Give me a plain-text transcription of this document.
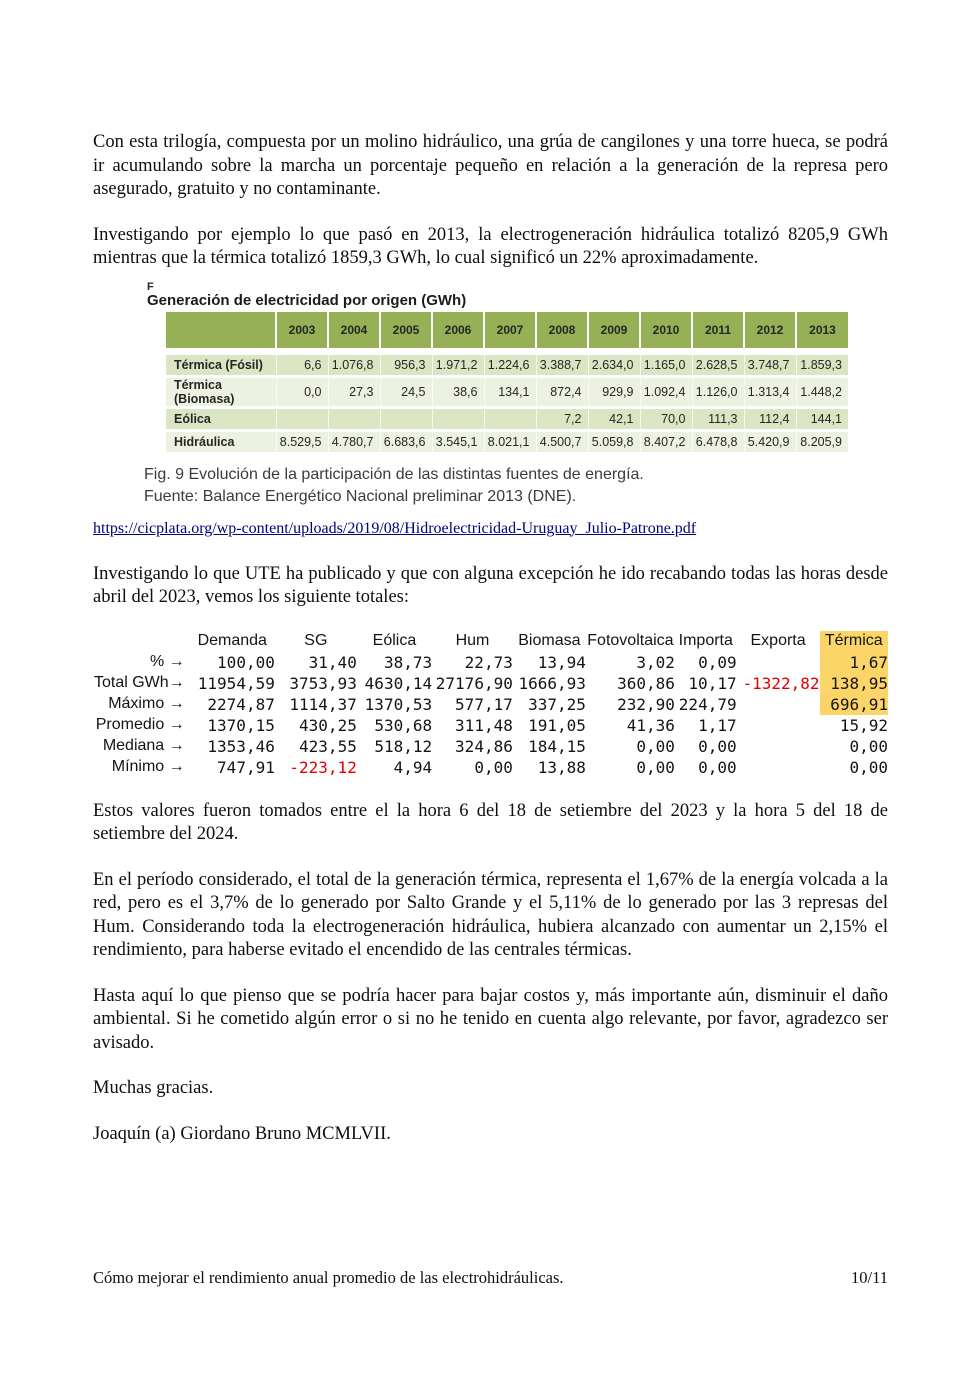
Con esta trilogía, compuesta por un molino hidráulico, una grúa de cangilones y una torre hueca, se podrá ir acumulando sobre la marcha un porcentaje pequeño en relación a la generación de la represa pero asegurado, gratuito y no contaminante.

Investigando por ejemplo lo que pasó en 2013, la electrogeneración hidráulica totalizó 8205,9 GWh mientras que la térmica totalizó 1859,3 GWh, lo cual significó un 22% aproximadamente.

F
Generación de electricidad por origen (GWh)
	2003	2004	2005	2006	2007	2008	2009	2010	2011	2012	2013
Térmica (Fósil)	6,6	1.076,8	956,3	1.971,2	1.224,6	3.388,7	2.634,0	1.165,0	2.628,5	3.748,7	1.859,3
Térmica (Biomasa)	0,0	27,3	24,5	38,6	134,1	872,4	929,9	1.092,4	1.126,0	1.313,4	1.448,2
Eólica						7,2	42,1	70,0	111,3	112,4	144,1
Hidráulica	8.529,5	4.780,7	6.683,6	3.545,1	8.021,1	4.500,7	5.059,8	8.407,2	6.478,8	5.420,9	8.205,9
Fig. 9 Evolución de la participación de las distintas fuentes de energía.
Fuente: Balance Energético Nacional preliminar 2013 (DNE).
https://cicplata.org/wp-content/uploads/2019/08/Hidroelectricidad-Uruguay_Julio-Patrone.pdf

Investigando lo que UTE ha publicado y que con alguna excepción he ido recabando todas las horas desde abril del 2023, vemos los siguiente totales:

	Demanda	SG	Eólica	Hum	Biomasa	Fotovoltaica	Importa	Exporta	Térmica
% →	100,00	31,40	38,73	22,73	13,94	3,02	0,09		1,67
Total GWh→	11954,59	3753,93	4630,14	27176,90	1666,93	360,86	10,17	-1322,82	138,95
Máximo →	2274,87	1114,37	1370,53	577,17	337,25	232,90	224,79		696,91
Promedio →	1370,15	430,25	530,68	311,48	191,05	41,36	1,17		15,92
Mediana →	1353,46	423,55	518,12	324,86	184,15	0,00	0,00		0,00
Mínimo →	747,91	-223,12	4,94	0,00	13,88	0,00	0,00		0,00

Estos valores fueron tomados entre el la hora 6 del 18 de setiembre del 2023 y la hora 5 del 18 de setiembre del 2024.

En el período considerado, el total de la generación térmica, representa el 1,67% de la energía volcada a la red, pero es el 3,7% de lo generado por Salto Grande y el 5,11% de lo generado por las 3 represas del Hum. Considerando toda la electrogeneración hidráulica, hubiera alcanzado con aumentar un 2,15% el rendimiento, para haberse evitado el encendido de las centrales térmicas.

Hasta aquí lo que pienso que se podría hacer para bajar costos y, más importante aún, disminuir el daño ambiental. Si he cometido algún error o si no he tenido en cuenta algo relevante, por favor, agradezco ser avisado.

Muchas gracias.

Joaquín (a) Giordano Bruno MCMLVII.

Cómo mejorar el rendimiento anual promedio de las electrohidráulicas.	10/11
